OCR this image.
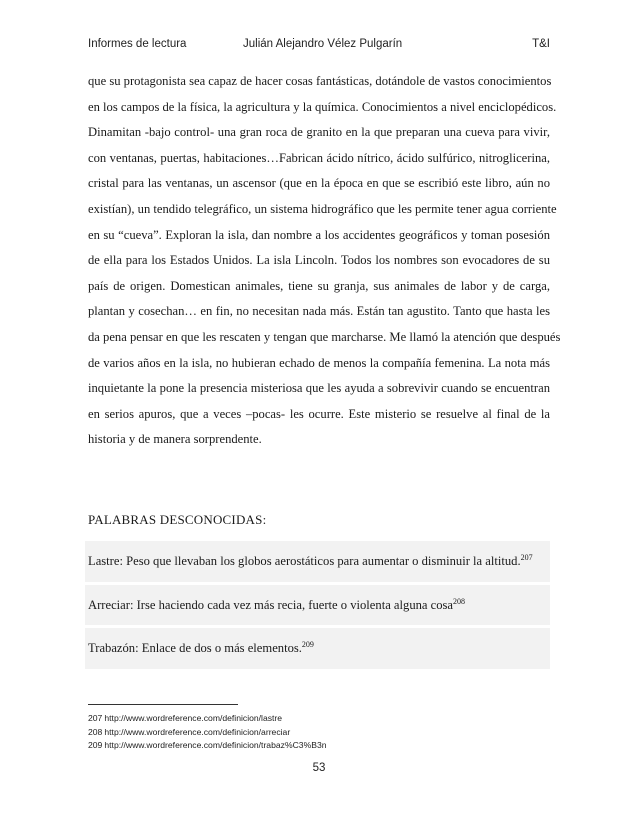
Informes de lectura	Julián Alejandro Vélez Pulgarín	T&I
que su protagonista sea capaz de hacer cosas fantásticas, dotándole de vastos conocimientos
en los campos de la física, la agricultura y la química. Conocimientos a nivel enciclopédicos.
Dinamitan -bajo control- una gran roca de granito en la que preparan una cueva para vivir,
con ventanas, puertas, habitaciones…Fabrican ácido nítrico, ácido sulfúrico, nitroglicerina,
cristal para las ventanas, un ascensor (que en la época en que se escribió este libro, aún no
existían), un tendido telegráfico, un sistema hidrográfico que les permite tener agua corriente
en su “cueva”. Exploran la isla, dan nombre a los accidentes geográficos y toman posesión
de ella para los Estados Unidos. La isla Lincoln. Todos los nombres son evocadores de su
país de origen. Domestican animales, tiene su granja, sus animales de labor y de carga,
plantan y cosechan… en fin, no necesitan nada más. Están tan agustito. Tanto que hasta les
da pena pensar en que les rescaten y tengan que marcharse. Me llamó la atención que después
de varios años en la isla, no hubieran echado de menos la compañía femenina. La nota más
inquietante la pone la presencia misteriosa que les ayuda a sobrevivir cuando se encuentran
en serios apuros, que a veces –pocas- les ocurre. Este misterio se resuelve al final de la
historia y de manera sorprendente.
PALABRAS DESCONOCIDAS:
Lastre: Peso que llevaban los globos aerostáticos para aumentar o disminuir la altitud.$^{207}$
Arreciar: Irse haciendo cada vez más recia, fuerte o violenta alguna cosa$^{208}$
Trabazón: Enlace de dos o más elementos.$^{209}$
207 http://www.wordreference.com/definicion/lastre
208 http://www.wordreference.com/definicion/arreciar
209 http://www.wordreference.com/definicion/trabaz%C3%B3n
53
